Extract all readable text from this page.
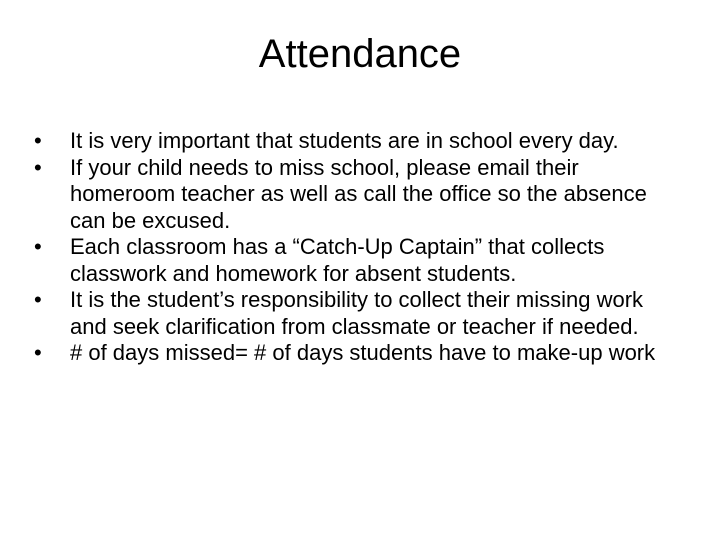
Attendance
•	It is very important that students are in school every day.
•	If your child needs to miss school, please email their homeroom teacher as well as call the office so the absence can be excused.
•	Each classroom has a “Catch-Up Captain” that collects classwork and homework for absent students.
•	It is the student’s responsibility to collect their missing work and seek clarification from classmate or teacher if needed.
•	# of days missed= # of days students have to make-up work
